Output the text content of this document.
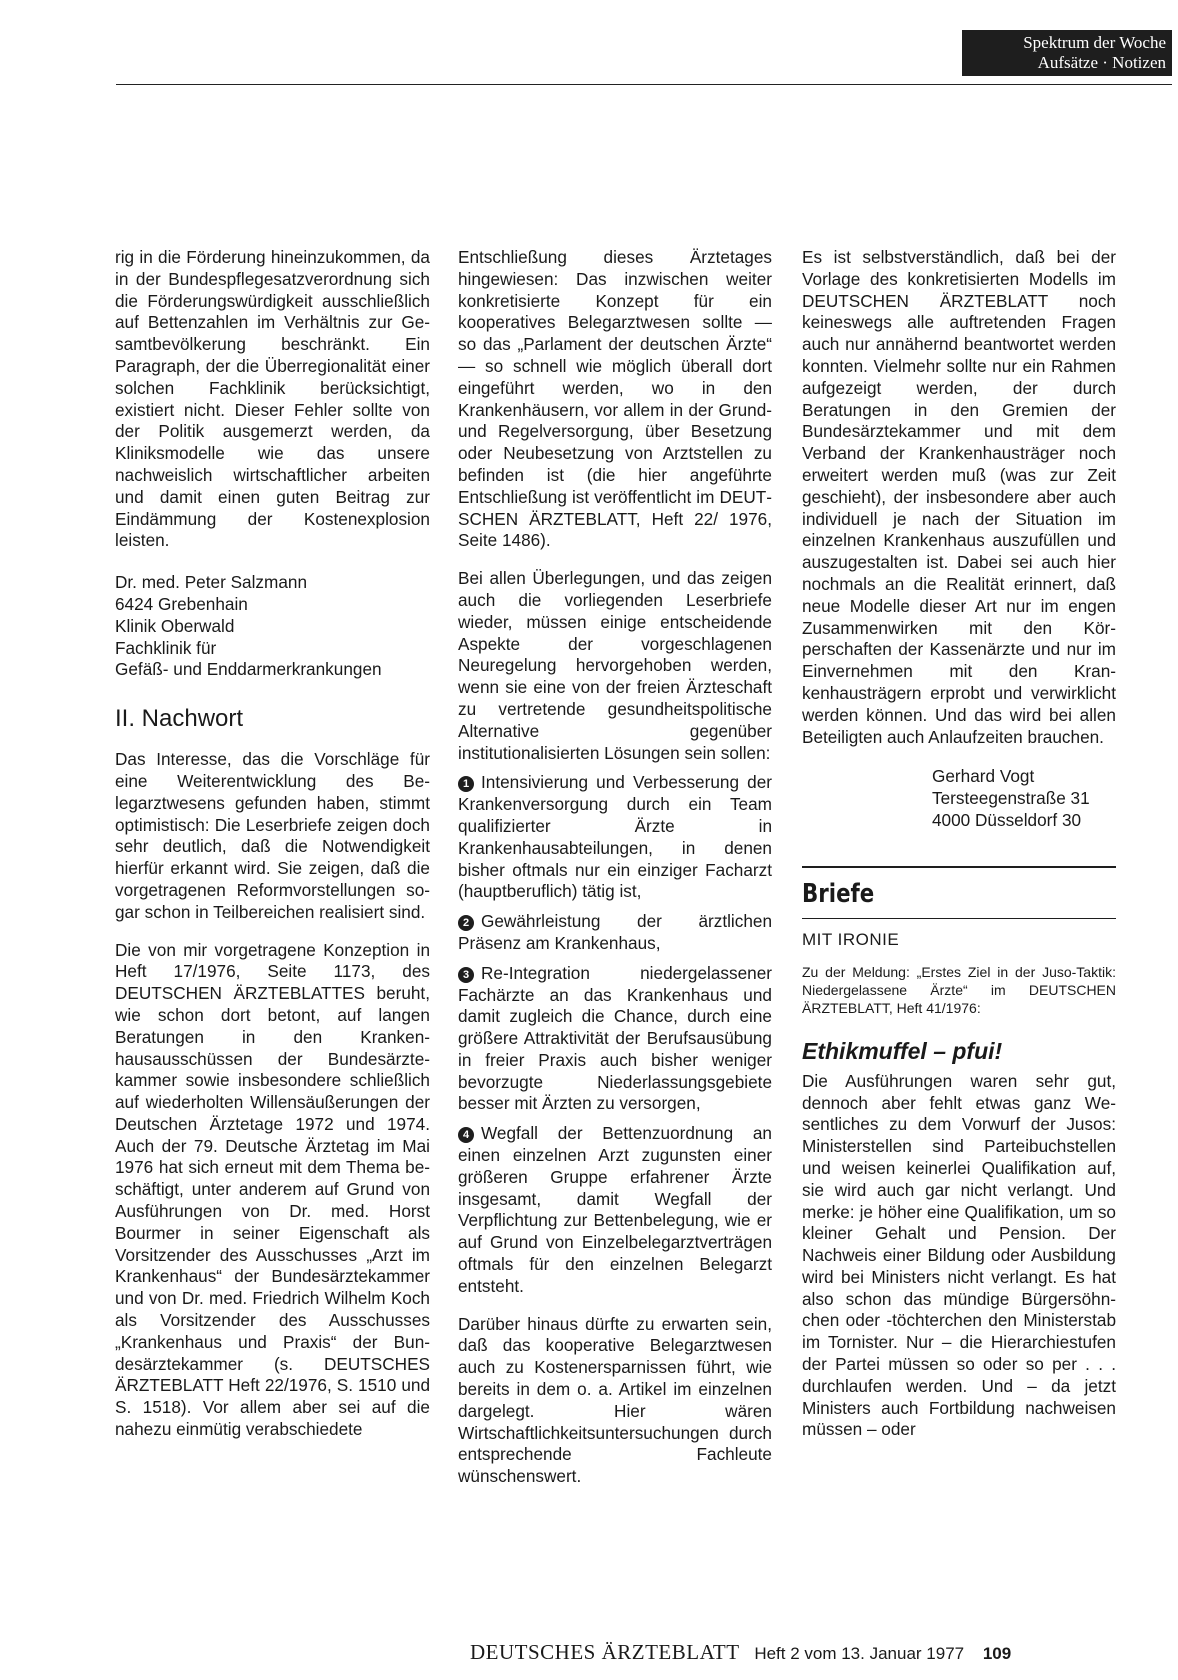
Spektrum der Woche
Aufsätze · Notizen

rig in die Förderung hineinzukommen, da in der Bundespflegesatzverordnung sich die Förderungswürdigkeit ausschließlich auf Bettenzahlen im Verhältnis zur Gesamtbevölkerung beschränkt. Ein Paragraph, der die Überregionalität einer solchen Fachklinik berücksichtigt, existiert nicht. Dieser Fehler sollte von der Politik ausgemerzt werden, da Kliniksmodelle wie das unsere nachweislich wirtschaftlicher arbeiten und damit einen guten Beitrag zur Eindämmung der Kostenexplosion leisten.

Dr. med. Peter Salzmann
6424 Grebenhain
Klinik Oberwald
Fachklinik für
Gefäß- und Enddarmerkrankungen

II. Nachwort

Das Interesse, das die Vorschläge für eine Weiterentwicklung des Belegarztwesens gefunden haben, stimmt optimistisch: Die Leserbriefe zeigen doch sehr deutlich, daß die Notwendigkeit hierfür erkannt wird. Sie zeigen, daß die vorgetragenen Reformvorstellungen sogar schon in Teilbereichen realisiert sind.

Die von mir vorgetragene Konzeption in Heft 17/1976, Seite 1173, des DEUTSCHEN ÄRZTEBLATTES beruht, wie schon dort betont, auf langen Beratungen in den Krankenhausausschüssen der Bundesärztekammer sowie insbesondere schließlich auf wiederholten Willensäußerungen der Deutschen Ärztetage 1972 und 1974. Auch der 79. Deutsche Ärztetag im Mai 1976 hat sich erneut mit dem Thema beschäftigt, unter anderem auf Grund von Ausführungen von Dr. med. Horst Bourmer in seiner Eigenschaft als Vorsitzender des Ausschusses „Arzt im Krankenhaus“ der Bundesärztekammer und von Dr. med. Friedrich Wilhelm Koch als Vorsitzender des Ausschusses „Krankenhaus und Praxis“ der Bundesärztekammer (s. DEUTSCHES ÄRZTEBLATT Heft 22/1976, S. 1510 und S. 1518). Vor allem aber sei auf die nahezu einmütig verabschiedete

Entschließung dieses Ärztetages hingewiesen: Das inzwischen weiter konkretisierte Konzept für ein kooperatives Belegarztwesen sollte — so das „Parlament der deutschen Ärzte“ — so schnell wie möglich überall dort eingeführt werden, wo in den Krankenhäusern, vor allem in der Grund- und Regelversorgung, über Besetzung oder Neubesetzung von Arztstellen zu befinden ist (die hier angeführte Entschließung ist veröffentlicht im DEUTSCHEN ÄRZTEBLATT, Heft 22/ 1976, Seite 1486).

Bei allen Überlegungen, und das zeigen auch die vorliegenden Leserbriefe wieder, müssen einige entscheidende Aspekte der vorgeschlagenen Neuregelung hervorgehoben werden, wenn sie eine von der freien Ärzteschaft zu vertretende gesundheitspolitische Alternative gegenüber institutionalisierten Lösungen sein sollen:

1 Intensivierung und Verbesserung der Krankenversorgung durch ein Team qualifizierter Ärzte in Krankenhausabteilungen, in denen bisher oftmals nur ein einziger Facharzt (hauptberuflich) tätig ist,

2 Gewährleistung der ärztlichen Präsenz am Krankenhaus,

3 Re-Integration niedergelassener Fachärzte an das Krankenhaus und damit zugleich die Chance, durch eine größere Attraktivität der Berufsausübung in freier Praxis auch bisher weniger bevorzugte Niederlassungsgebiete besser mit Ärzten zu versorgen,

4 Wegfall der Bettenzuordnung an einen einzelnen Arzt zugunsten einer größeren Gruppe erfahrener Ärzte insgesamt, damit Wegfall der Verpflichtung zur Bettenbelegung, wie er auf Grund von Einzelbelegarztverträgen oftmals für den einzelnen Belegarzt entsteht.

Darüber hinaus dürfte zu erwarten sein, daß das kooperative Belegarztwesen auch zu Kostenersparnissen führt, wie bereits in dem o. a. Artikel im einzelnen dargelegt. Hier wären Wirtschaftlichkeitsuntersuchungen durch entsprechende Fachleute wünschenswert.

Es ist selbstverständlich, daß bei der Vorlage des konkretisierten Modells im DEUTSCHEN ÄRZTEBLATT noch keineswegs alle auftretenden Fragen auch nur annähernd beantwortet werden konnten. Vielmehr sollte nur ein Rahmen aufgezeigt werden, der durch Beratungen in den Gremien der Bundesärztekammer und mit dem Verband der Krankenhausträger noch erweitert werden muß (was zur Zeit geschieht), der insbesondere aber auch individuell je nach der Situation im einzelnen Krankenhaus auszufüllen und auszugestalten ist. Dabei sei auch hier nochmals an die Realität erinnert, daß neue Modelle dieser Art nur im engen Zusammenwirken mit den Körperschaften der Kassenärzte und nur im Einvernehmen mit den Krankenhausträgern erprobt und verwirklicht werden können. Und das wird bei allen Beteiligten auch Anlaufzeiten brauchen.

Gerhard Vogt
Tersteegenstraße 31
4000 Düsseldorf 30

Briefe
MIT IRONIE
Zu der Meldung: „Erstes Ziel in der Juso-Taktik: Niedergelassene Ärzte“ im DEUTSCHEN ÄRZTEBLATT, Heft 41/1976:
Ethikmuffel – pfui!

Die Ausführungen waren sehr gut, dennoch aber fehlt etwas ganz Wesentliches zu dem Vorwurf der Jusos: Ministerstellen sind Parteibuchstellen und weisen keinerlei Qualifikation auf, sie wird auch gar nicht verlangt. Und merke: je höher eine Qualifikation, um so kleiner Gehalt und Pension. Der Nachweis einer Bildung oder Ausbildung wird bei Ministers nicht verlangt. Es hat also schon das mündige Bürgersöhnchen oder -töchterchen den Ministerstab im Tornister. Nur – die Hierarchiestufen der Partei müssen so oder so per . . . durchlaufen werden. Und – da jetzt Ministers auch Fortbildung nachweisen müssen – oder

DEUTSCHES ÄRZTEBLATT Heft 2 vom 13. Januar 1977 109
